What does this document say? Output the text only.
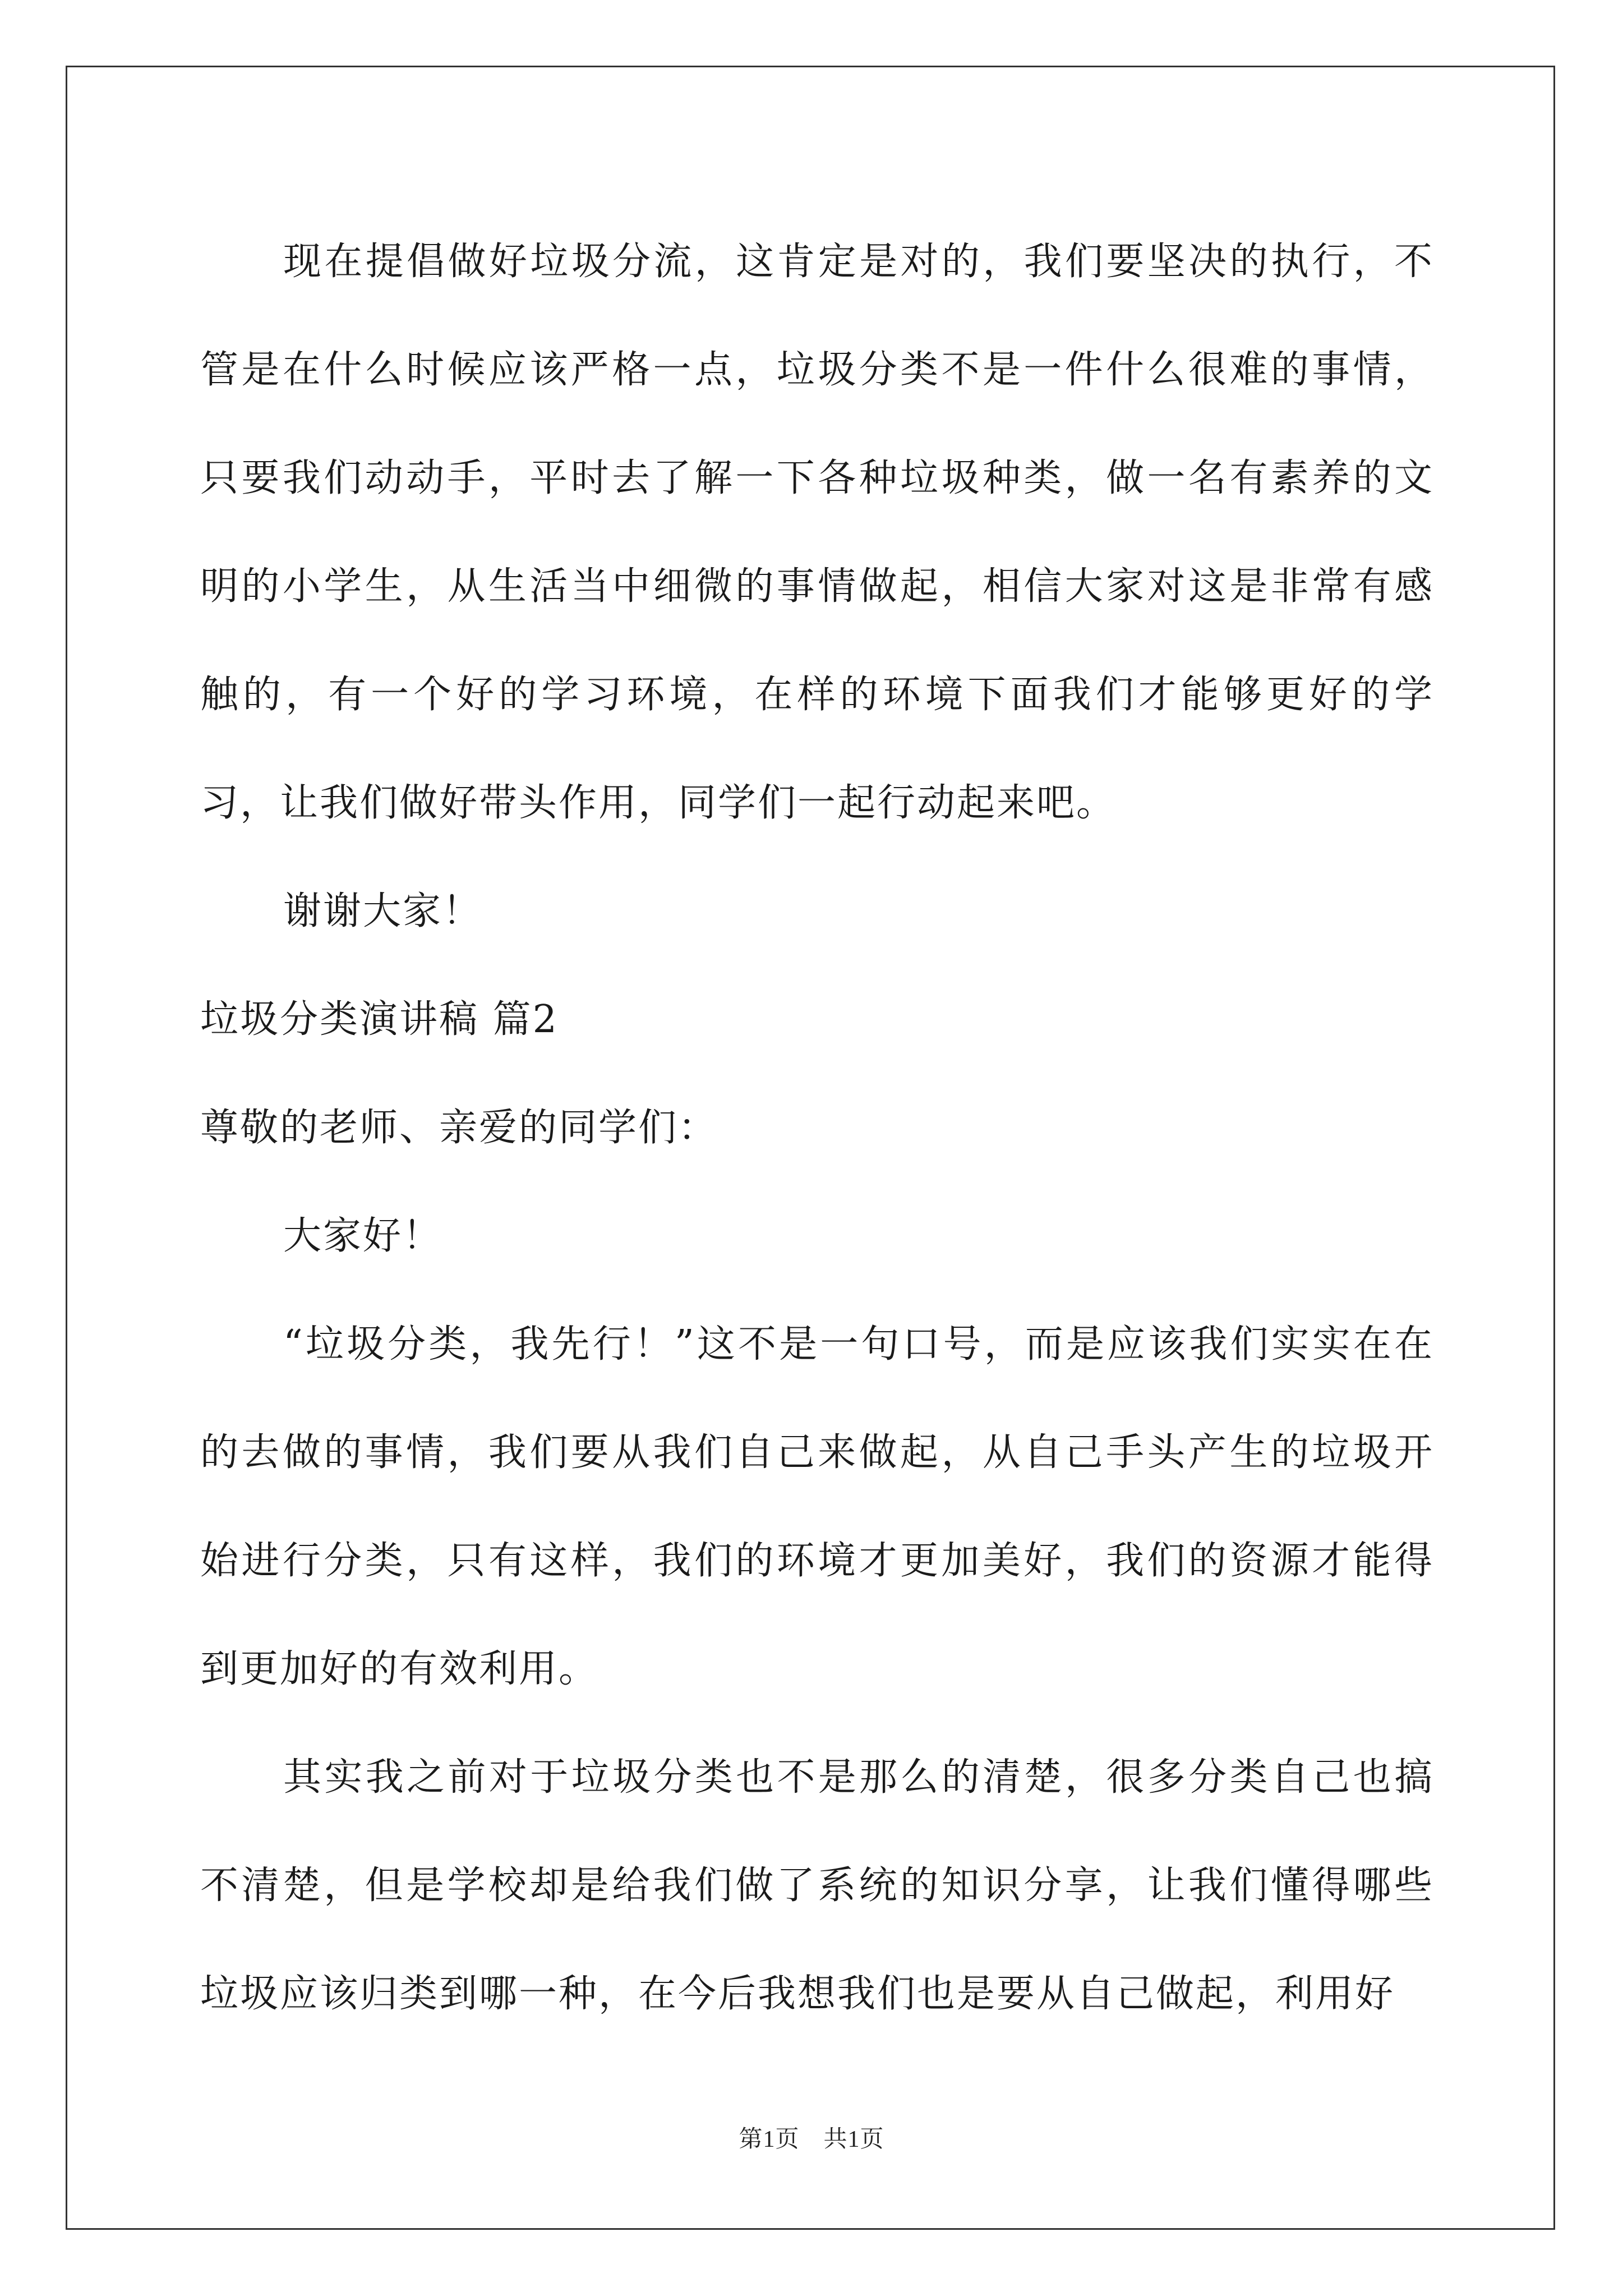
现在提倡做好垃圾分流，这肯定是对的，我们要坚决的执行，不管是在什么时候应该严格一点，垃圾分类不是一件什么很难的事情，只要我们动动手，平时去了解一下各种垃圾种类，做一名有素养的文明的小学生，从生活当中细微的事情做起，相信大家对这是非常有感触的，有一个好的学习环境，在样的环境下面我们才能够更好的学习，让我们做好带头作用，同学们一起行动起来吧。

谢谢大家！

垃圾分类演讲稿 篇2

尊敬的老师、亲爱的同学们：

大家好！

“垃圾分类，我先行！”这不是一句口号，而是应该我们实实在在的去做的事情，我们要从我们自己来做起，从自己手头产生的垃圾开始进行分类，只有这样，我们的环境才更加美好，我们的资源才能得到更加好的有效利用。

其实我之前对于垃圾分类也不是那么的清楚，很多分类自己也搞不清楚，但是学校却是给我们做了系统的知识分享，让我们懂得哪些垃圾应该归类到哪一种，在今后我想我们也是要从自己做起，利用好

第1页　共1页
